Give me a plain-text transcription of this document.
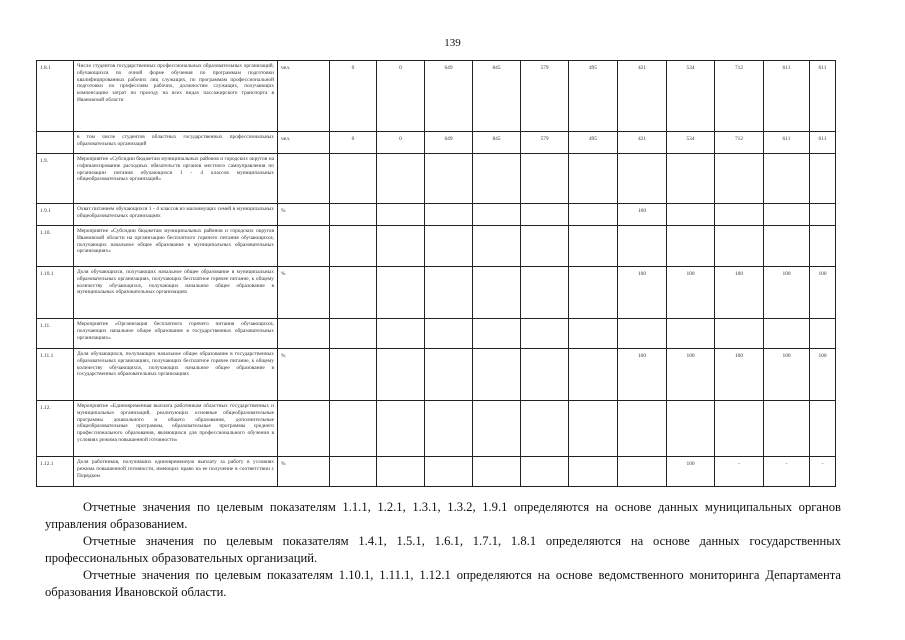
139
1.8.1	Число студентов государственных профессиональных образовательных организаций, обучающихся по очной форме обучения по программам подготовки квалифицированных рабочих лиц служащих, по программам профессиональной подготовки по профессиям рабочих, должностям служащих, получающих компенсацию затрат по проезду на всех видах пассажирского транспорта в Ивановской области	чел.	0	0	649	845	579	495	421	534	712	611	611
	в том числе студентов областных государственных профессиональных образовательных организаций	чел.	0	0	649	845	579	495	421	534	712	611	611
1.9.	Мероприятие «Субсидии бюджетам муниципальных районов и городских округов на софинансирование расходных обязательств органов местного самоуправления по организации питания обучающихся 1 - 4 классов муниципальных общеобразовательных организаций»												
1.9.1	Охват питанием обучающихся 1 - 4 классов из малоимущих семей в муниципальных общеобразовательных организациях	%							100				
1.10.	Мероприятие «Субсидии бюджетам муниципальных районов и городских округов Ивановской области на организацию бесплатного горячего питания обучающихся, получающих начальное общее образование в муниципальных образовательных организациях»												
1.10.1	Доля обучающихся, получающих начальное общее образование в муниципальных образовательных организациях, получающих бесплатное горячее питание, к общему количеству обучающихся, получающих начальное общее образование в муниципальных образовательных организациях	%							100	100	100	100	100
1.11.	Мероприятие «Организация бесплатного горячего питания обучающихся, получающих начальное общее образование в государственных образовательных организациях»												
1.11.1	Доля обучающихся, получающих начальное общее образование в государственных образовательных организациях, получающих бесплатное горячее питание, к общему количеству обучающихся, получающих начальное общее образование в государственных образовательных организациях	%							100	100	100	100	100
1.12.	Мероприятие «Единовременная выплата работникам областных государственных и муниципальных организаций, реализующих основные общеобразовательные программы дошкольного и общего образования, дополнительные общеобразовательные программы, образовательные программы среднего профессионального образования, являющихся для профессионального обучения в условиях режима повышенной готовности»												
1.12.1	Доля работников, получивших единовременную выплату за работу в условиях режима повышенной готовности, имеющих право на ее получение в соответствии с Порядком	%								100	-	-	-

Отчетные значения по целевым показателям 1.1.1, 1.2.1, 1.3.1, 1.3.2, 1.9.1 определяются на основе данных муниципальных органов управления образованием.

Отчетные значения по целевым показателям 1.4.1, 1.5.1, 1.6.1, 1.7.1, 1.8.1 определяются на основе данных государственных профессиональных образовательных организаций.

Отчетные значения по целевым показателям 1.10.1, 1.11.1, 1.12.1 определяются на основе ведомственного мониторинга Департамента образования Ивановской области.
